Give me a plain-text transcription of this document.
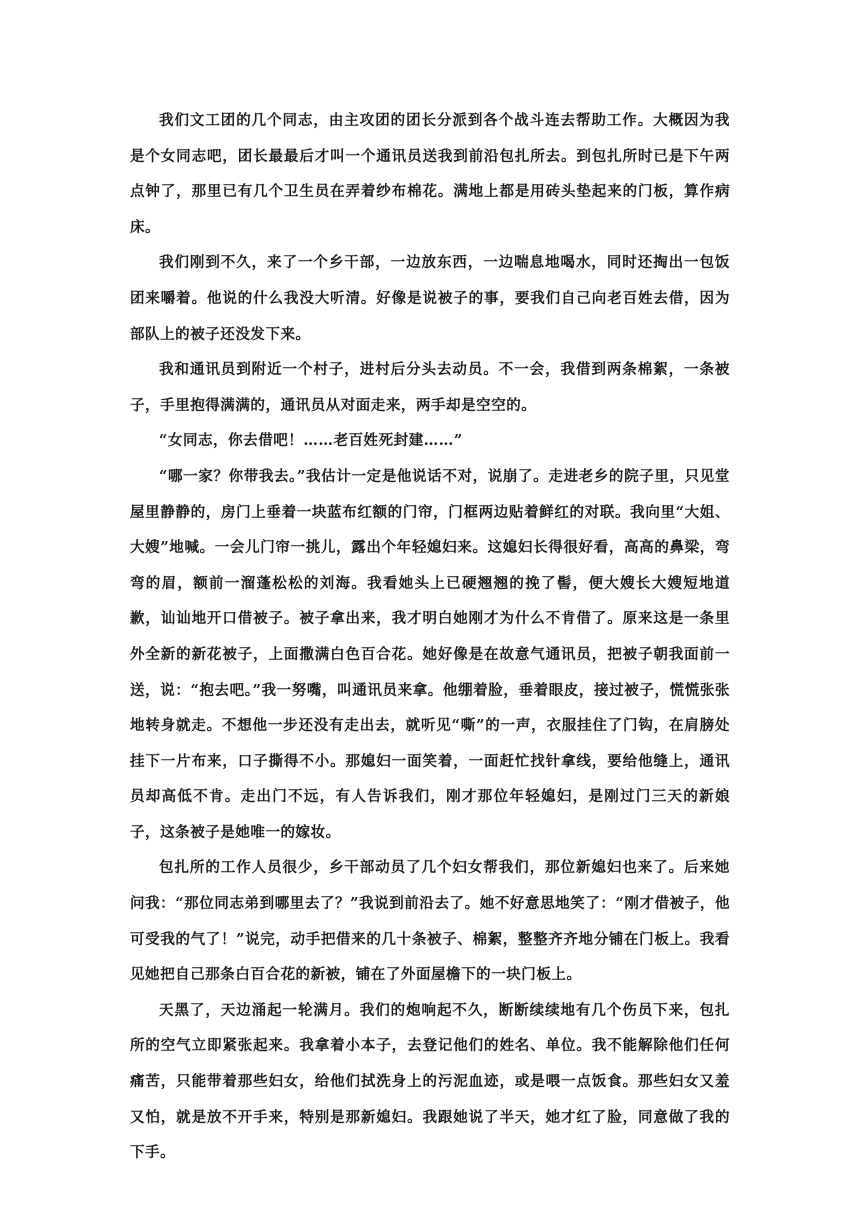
我们文工团的几个同志，由主攻团的团长分派到各个战斗连去帮助工作。大概因为我是个女同志吧，团长最最后才叫一个通讯员送我到前沿包扎所去。到包扎所时已是下午两点钟了，那里已有几个卫生员在弄着纱布棉花。满地上都是用砖头垫起来的门板，算作病床。

我们刚到不久，来了一个乡干部，一边放东西，一边喘息地喝水，同时还掏出一包饭团来嚼着。他说的什么我没大听清。好像是说被子的事，要我们自己向老百姓去借，因为部队上的被子还没发下来。

我和通讯员到附近一个村子，进村后分头去动员。不一会，我借到两条棉絮，一条被子，手里抱得满满的，通讯员从对面走来，两手却是空空的。

“女同志，你去借吧！……老百姓死封建……”

“哪一家？你带我去。”我估计一定是他说话不对，说崩了。走进老乡的院子里，只见堂屋里静静的，房门上垂着一块蓝布红额的门帘，门框两边贴着鲜红的对联。我向里“大姐、大嫂”地喊。一会儿门帘一挑儿，露出个年轻媳妇来。这媳妇长得很好看，高高的鼻梁，弯弯的眉，额前一溜蓬松松的刘海。我看她头上已硬翘翘的挽了髻，便大嫂长大嫂短地道歉，讪讪地开口借被子。被子拿出来，我才明白她刚才为什么不肯借了。原来这是一条里外全新的新花被子，上面撒满白色百合花。她好像是在故意气通讯员，把被子朝我面前一送，说：“抱去吧。”我一努嘴，叫通讯员来拿。他绷着脸，垂着眼皮，接过被子，慌慌张张地转身就走。不想他一步还没有走出去，就听见“嘶”的一声，衣服挂住了门钩，在肩膀处挂下一片布来，口子撕得不小。那媳妇一面笑着，一面赶忙找针拿线，要给他缝上，通讯员却高低不肯。走出门不远，有人告诉我们，刚才那位年轻媳妇，是刚过门三天的新娘子，这条被子是她唯一的嫁妆。

包扎所的工作人员很少，乡干部动员了几个妇女帮我们，那位新媳妇也来了。后来她问我：“那位同志弟到哪里去了？”我说到前沿去了。她不好意思地笑了：“刚才借被子，他可受我的气了！”说完，动手把借来的几十条被子、棉絮，整整齐齐地分铺在门板上。我看见她把自己那条白百合花的新被，铺在了外面屋檐下的一块门板上。

天黑了，天边涌起一轮满月。我们的炮响起不久，断断续续地有几个伤员下来，包扎所的空气立即紧张起来。我拿着小本子，去登记他们的姓名、单位。我不能解除他们任何痛苦，只能带着那些妇女，给他们拭洗身上的污泥血迹，或是喂一点饭食。那些妇女又羞又怕，就是放不开手来，特别是那新媳妇。我跟她说了半天，她才红了脸，同意做了我的下手。
